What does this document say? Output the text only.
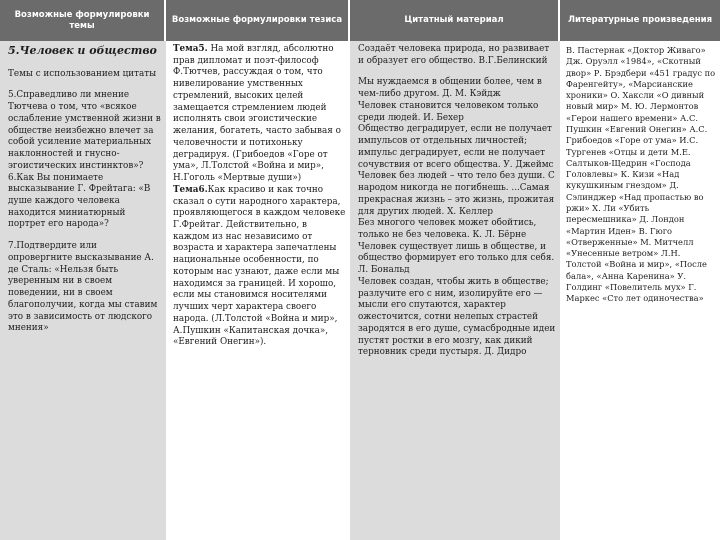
Возможные формулировки темы
Возможные формулировки тезиса	Цитатный материал	Литературные произведения

5.Человек и общество

Темы с использованием цитаты

5.Справедливо ли мнение Тютчева о том, что «всякое ослабление умственной жизни в обществе неизбежно влечет за собой усиление материальных наклонностей и гнусно-эгоистических инстинктов»?

6.Как Вы понимаете высказывание Г. Фрейтага: «В душе каждого человека находится миниатюрный портрет его народа»?

7.Подтвердите или опровергните высказывание А. де Сталь: «Нельзя быть уверенным ни в своем поведении, ни в своем благополучии, когда мы ставим это в зависимость от людского мнения»

Тема5. На мой взгляд, абсолютно прав дипломат и поэт-философ Ф.Тютчев, рассуждая о том, что нивелирование умственных стремлений, высоких целей замещается стремлением людей исполнять свои эгоистические желания, богатеть, часто забывая о человечности и потихоньку деградируя. (Грибоедов «Горе от ума», Л.Толстой «Война и мир», Н.Гоголь «Мертвые души»)

Тема6.Как красиво и как точно сказал о сути народного характера, проявляющегося в каждом человеке Г.Фрейтаг. Действительно, в каждом из нас независимо от возраста и характера запечатлены национальные особенности, по которым нас узнают, даже если мы находимся за границей. И хорошо, если мы становимся носителями лучших черт характера своего народа. (Л.Толстой «Война и мир», А.Пушкин «Капитанская дочка», «Евгений Онегин»).

Создаёт человека природа, но развивает и образует его общество. В.Г.Белинский

Мы нуждаемся в общении более, чем в чем-либо другом. Д. М. Кэйдж

Человек становится человеком только среди людей. И. Бехер

Общество деградирует, если не получает импульсов от отдельных личностей; импульс деградирует, если не получает сочувствия от всего общества. У. Джеймс

Человек без людей – что тело без души. С народом никогда не погибнешь. ...Самая прекрасная жизнь – это жизнь, прожитая для других людей. Х. Келлер

Без многого человек может обойтись, только не без человека. К. Л. Бёрне

Человек существует лишь в обществе, и общество формирует его только для себя. Л. Бональд

Человек создан, чтобы жить в обществе; разлучите его с ним, изолируйте его — мысли его спутаются, характер ожесточится, сотни нелепых страстей зародятся в его душе, сумасбродные идеи пустят ростки в его мозгу, как дикий терновник среди пустыря. Д. Дидро

В. Пастернак «Доктор Живаго» Дж. Оруэлл «1984», «Скотный двор» Р. Брэдбери «451 градус по Фаренгейту», «Марсианские хроники» О. Хаксли «О дивный новый мир» М. Ю. Лермонтов «Герои нашего времени» А.С. Пушкин «Евгений Онегин» А.С. Грибоедов «Горе от ума» И.С. Тургенев «Отцы и дети М.Е. Салтыков-Щедрин «Господа Головлевы» К. Кизи «Над кукушкиным гнездом» Д. Сэлинджер «Над пропастью во ржи» Х. Ли «Убить пересмешника» Д. Лондон «Мартин Иден» В. Гюго «Отверженные» М. Митчелл «Унесенные ветром» Л.Н. Толстой «Война и мир», «После бала», «Анна Каренина» У. Голдинг «Повелитель мух» Г. Маркес «Сто лет одиночества»
